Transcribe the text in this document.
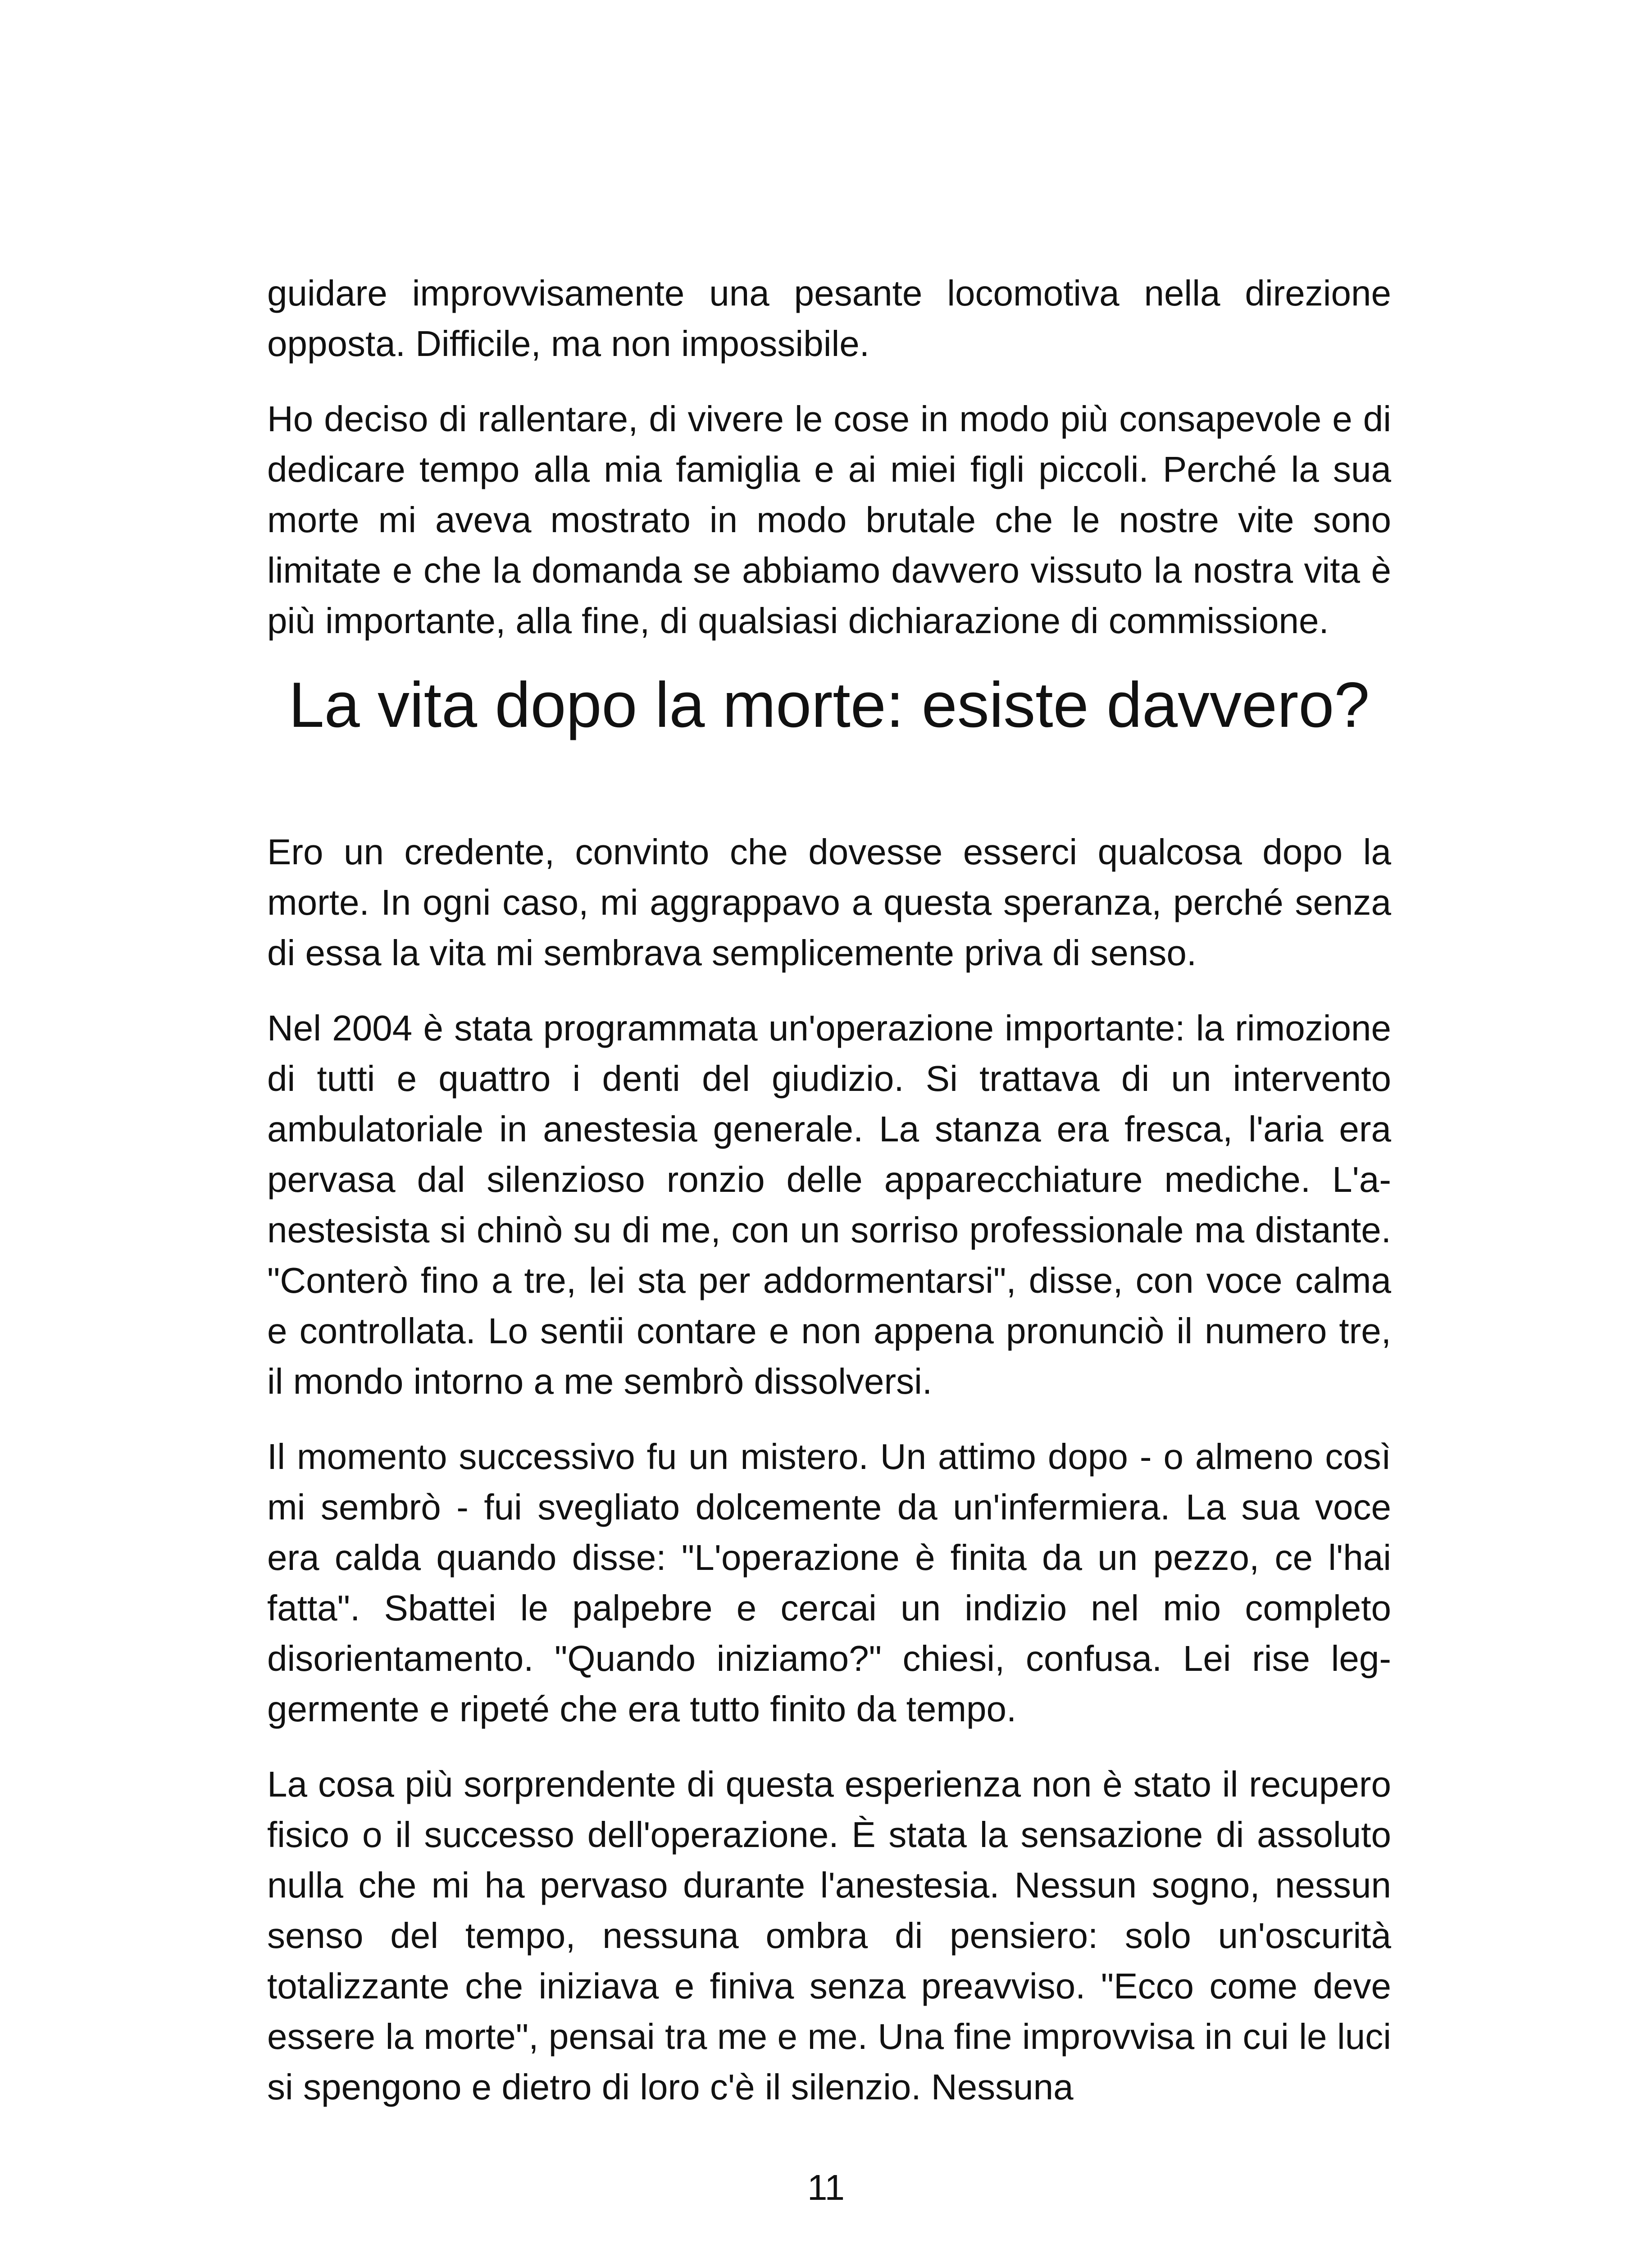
guidare improvvisamente una pesante locomotiva nella direzione opposta. Difficile, ma non impossibile.

Ho deciso di rallentare, di vivere le cose in modo più consapevole e di dedicare tempo alla mia famiglia e ai miei figli piccoli. Perché la sua morte mi aveva mostrato in modo brutale che le nostre vite sono limitate e che la domanda se abbiamo davvero vissuto la nostra vita è più importante, alla fine, di qualsiasi dichiarazione di commissione.

La vita dopo la morte: esiste davvero?

Ero un credente, convinto che dovesse esserci qualcosa dopo la morte. In ogni caso, mi aggrappavo a questa speranza, perché senza di essa la vita mi sembrava semplicemente priva di senso.

Nel 2004 è stata programmata un'operazione importante: la rimozione di tutti e quattro i denti del giudizio. Si trattava di un intervento ambulatoriale in anestesia generale. La stanza era fresca, l'aria era pervasa dal silenzioso ronzio delle apparecchiature mediche. L'anestesista si chinò su di me, con un sorriso professionale ma distante. "Conterò fino a tre, lei sta per addormentarsi", disse, con voce calma e controllata. Lo sentii contare e non appena pronunciò il numero tre, il mondo intorno a me sembrò dissolversi.

Il momento successivo fu un mistero. Un attimo dopo - o almeno così mi sembrò - fui svegliato dolcemente da un'infermiera. La sua voce era calda quando disse: "L'operazione è finita da un pezzo, ce l'hai fatta". Sbattei le palpebre e cercai un indizio nel mio completo disorientamento. "Quando iniziamo?" chiesi, confusa. Lei rise leggermente e ripeté che era tutto finito da tempo.

La cosa più sorprendente di questa esperienza non è stato il recupero fisico o il successo dell'operazione. È stata la sensazione di assoluto nulla che mi ha pervaso durante l'anestesia. Nessun sogno, nessun senso del tempo, nessuna ombra di pensiero: solo un'oscurità totalizzante che iniziava e finiva senza preavviso. "Ecco come deve essere la morte", pensai tra me e me. Una fine improvvisa in cui le luci si spengono e dietro di loro c'è il silenzio. Nessuna

11
